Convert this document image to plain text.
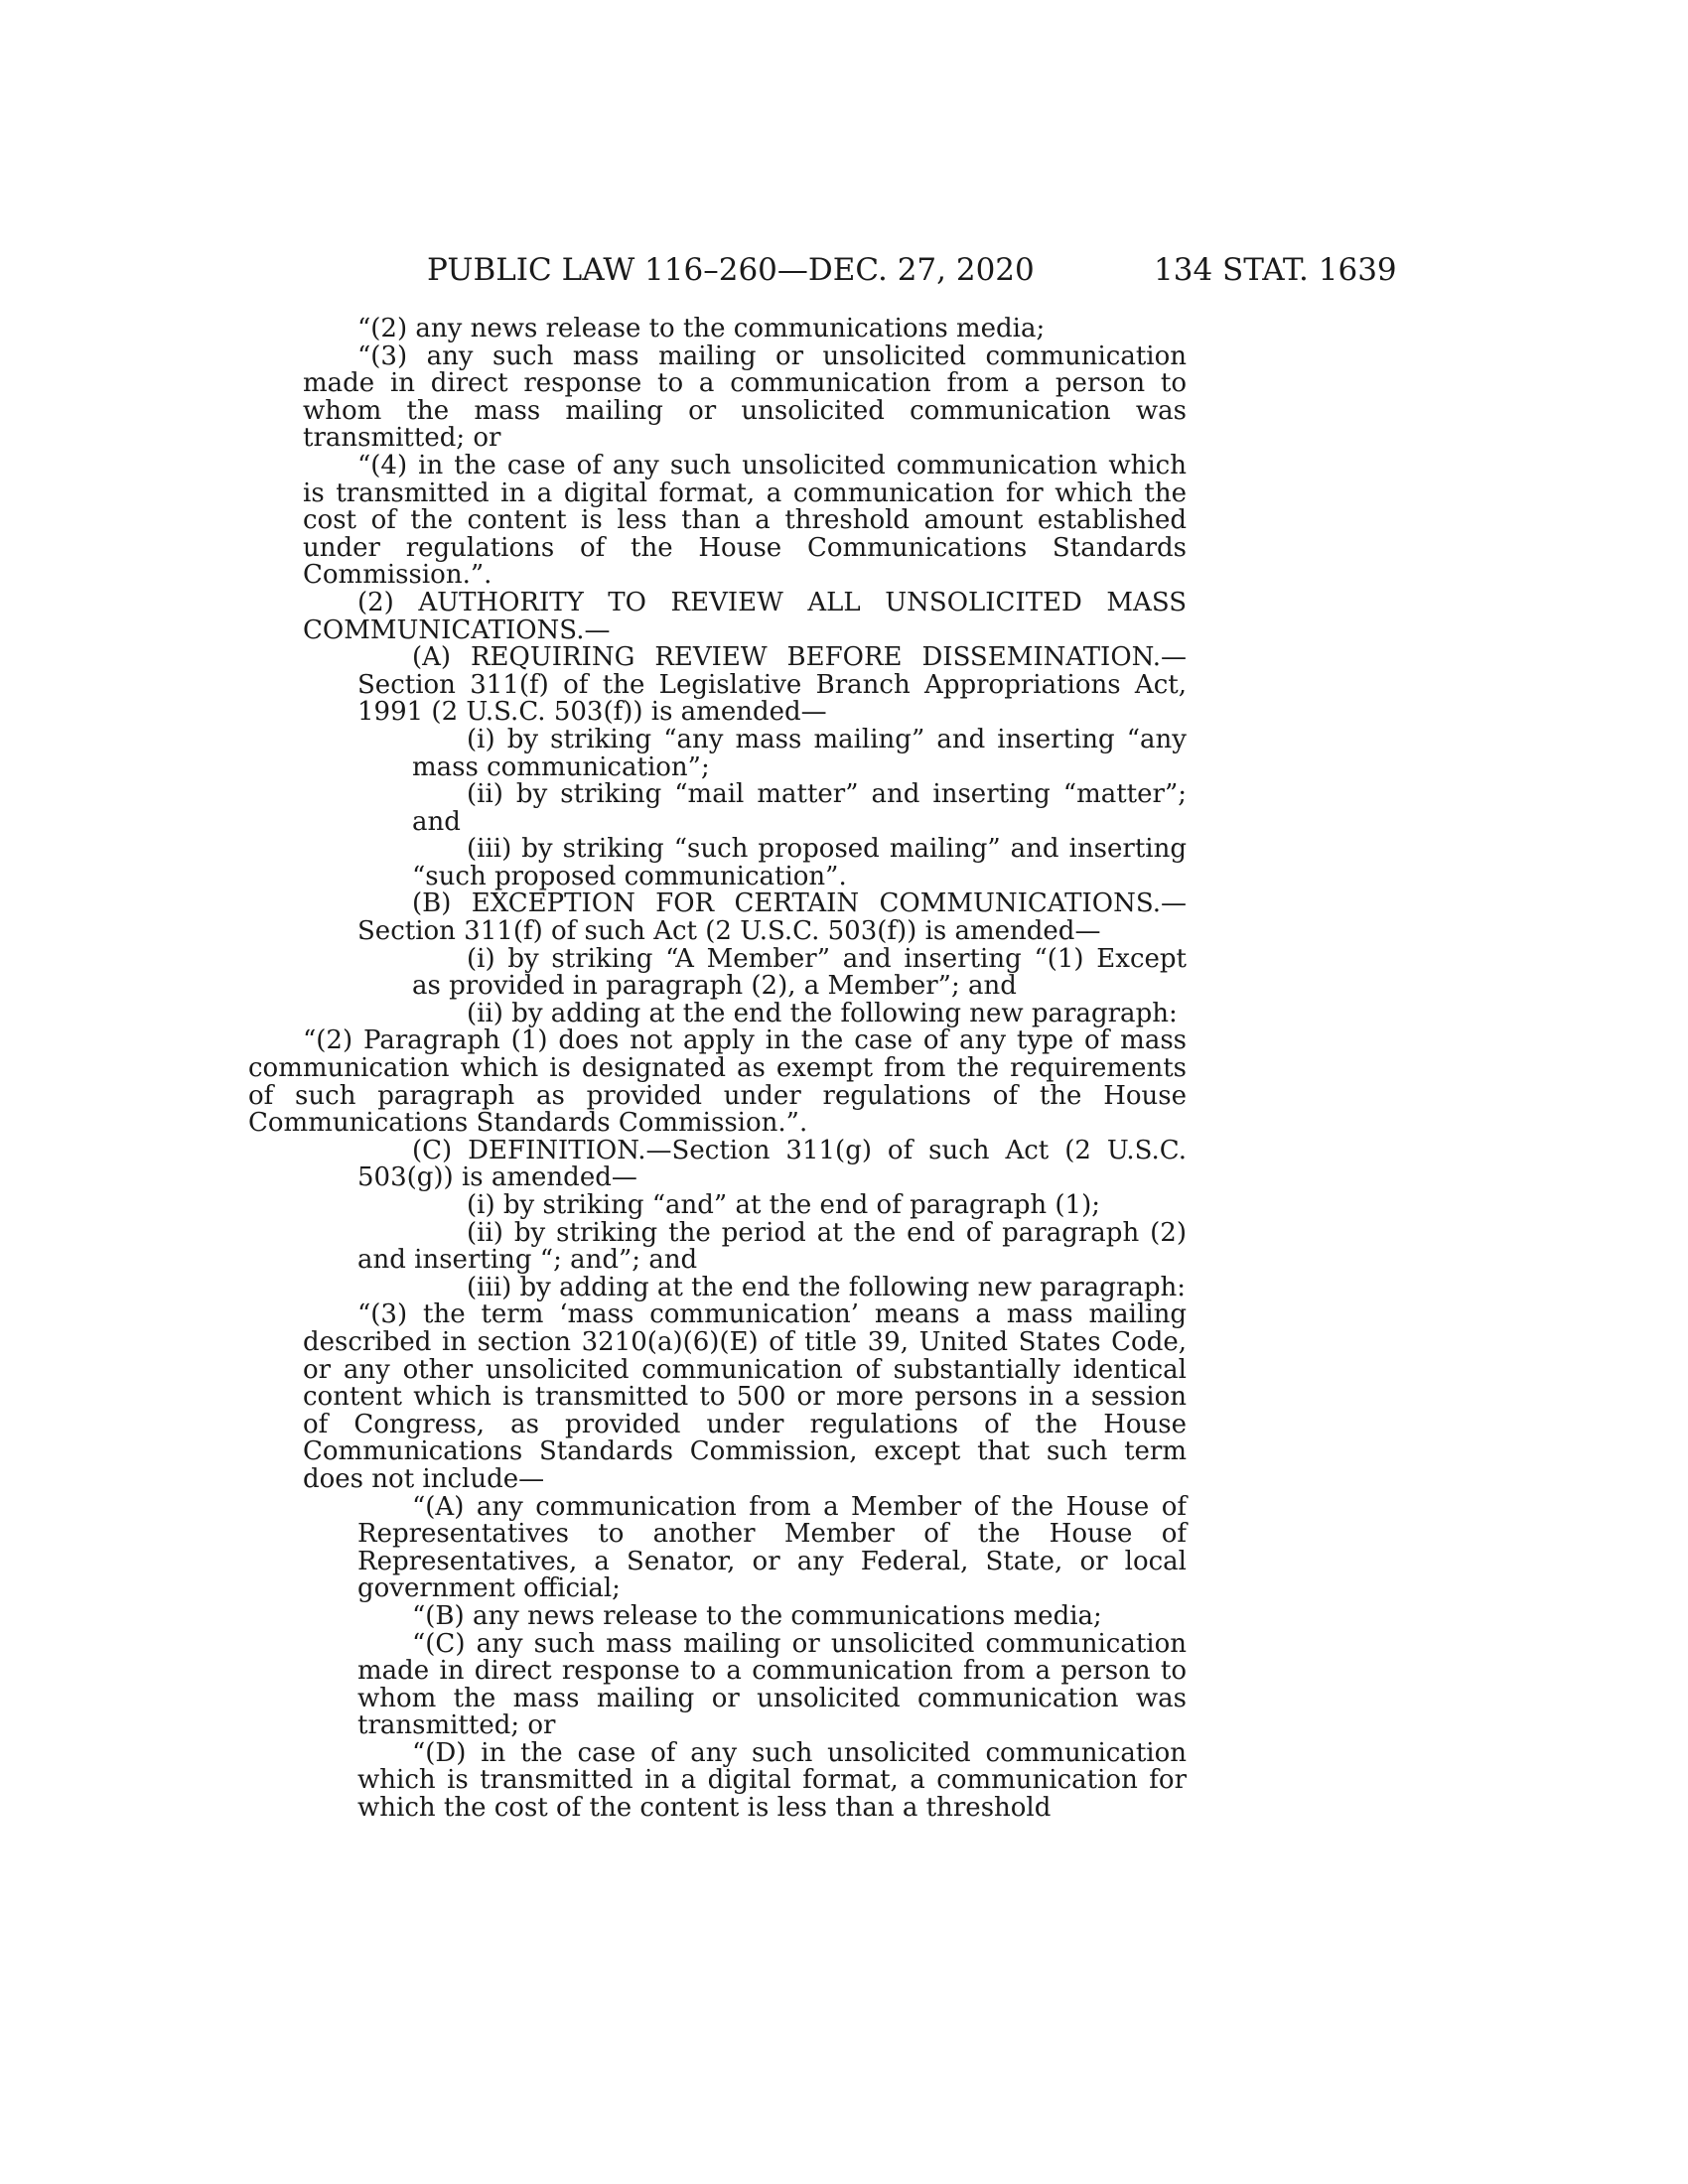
PUBLIC LAW 116–260—DEC. 27, 2020	134 STAT. 1639

“(2) any news release to the communications media;

“(3) any such mass mailing or unsolicited communication made in direct response to a communication from a person to whom the mass mailing or unsolicited communication was transmitted; or

“(4) in the case of any such unsolicited communication which is transmitted in a digital format, a communication for which the cost of the content is less than a threshold amount established under regulations of the House Communications Standards Commission.”.

(2) AUTHORITY TO REVIEW ALL UNSOLICITED MASS COMMUNICATIONS.—

(A) REQUIRING REVIEW BEFORE DISSEMINATION.—Section 311(f) of the Legislative Branch Appropriations Act, 1991 (2 U.S.C. 503(f)) is amended—

(i) by striking “any mass mailing” and inserting “any mass communication”;

(ii) by striking “mail matter” and inserting “matter”; and

(iii) by striking “such proposed mailing” and inserting “such proposed communication”.

(B) EXCEPTION FOR CERTAIN COMMUNICATIONS.—Section 311(f) of such Act (2 U.S.C. 503(f)) is amended—

(i) by striking “A Member” and inserting “(1) Except as provided in paragraph (2), a Member”; and

(ii) by adding at the end the following new paragraph:

“(2) Paragraph (1) does not apply in the case of any type of mass communication which is designated as exempt from the requirements of such paragraph as provided under regulations of the House Communications Standards Commission.”.

(C) DEFINITION.—Section 311(g) of such Act (2 U.S.C. 503(g)) is amended—

(i) by striking “and” at the end of paragraph (1);

(ii) by striking the period at the end of paragraph (2) and inserting “; and”; and

(iii) by adding at the end the following new paragraph:

“(3) the term ‘mass communication’ means a mass mailing described in section 3210(a)(6)(E) of title 39, United States Code, or any other unsolicited communication of substantially identical content which is transmitted to 500 or more persons in a session of Congress, as provided under regulations of the House Communications Standards Commission, except that such term does not include—

“(A) any communication from a Member of the House of Representatives to another Member of the House of Representatives, a Senator, or any Federal, State, or local government official;

“(B) any news release to the communications media;

“(C) any such mass mailing or unsolicited communication made in direct response to a communication from a person to whom the mass mailing or unsolicited communication was transmitted; or

“(D) in the case of any such unsolicited communication which is transmitted in a digital format, a communication for which the cost of the content is less than a threshold
